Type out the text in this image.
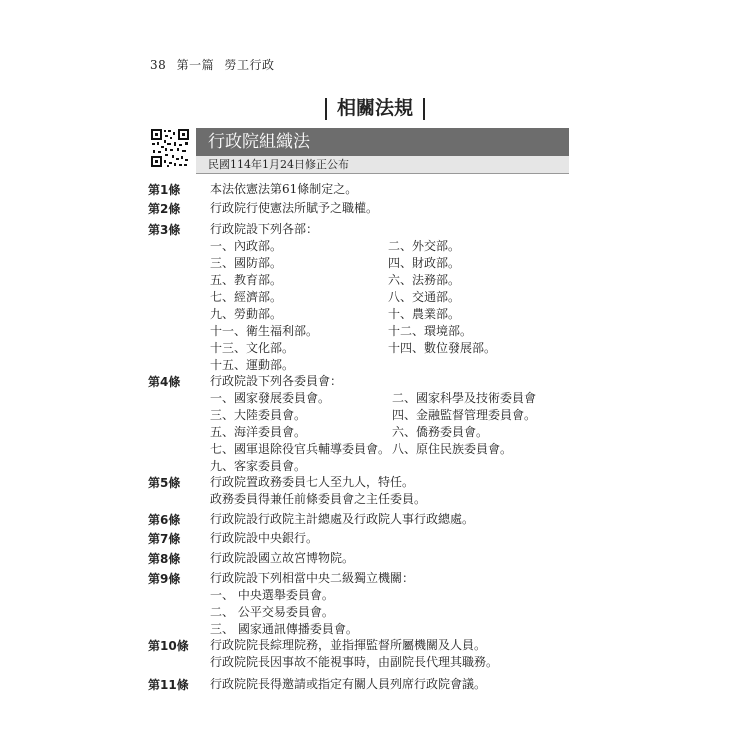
38 第一篇 勞工行政
相關法規
行政院組織法
民國114年1月24日修正公布
第1條 本法依憲法第61條制定之。
第2條 行政院行使憲法所賦予之職權。
第3條 行政院設下列各部：
一、內政部。	二、外交部。
三、國防部。	四、財政部。
五、教育部。	六、法務部。
七、經濟部。	八、交通部。
九、勞動部。	十、農業部。
十一、衛生福利部。	十二、環境部。
十三、文化部。	十四、數位發展部。
十五、運動部。
第4條 行政院設下列各委員會：
一、國家發展委員會。	二、國家科學及技術委員會
三、大陸委員會。	四、金融監督管理委員會。
五、海洋委員會。	六、僑務委員會。
七、國軍退除役官兵輔導委員會。 八、原住民族委員會。
九、客家委員會。
第5條 行政院置政務委員七人至九人，特任。
政務委員得兼任前條委員會之主任委員。
第6條 行政院設行政院主計總處及行政院人事行政總處。
第7條 行政院設中央銀行。
第8條 行政院設國立故宮博物院。
第9條 行政院設下列相當中央二級獨立機關：
一、 中央選舉委員會。
二、 公平交易委員會。
三、 國家通訊傳播委員會。
第10條 行政院院長綜理院務，並指揮監督所屬機關及人員。
行政院院長因事故不能視事時，由副院長代理其職務。
第11條 行政院院長得邀請或指定有關人員列席行政院會議。
